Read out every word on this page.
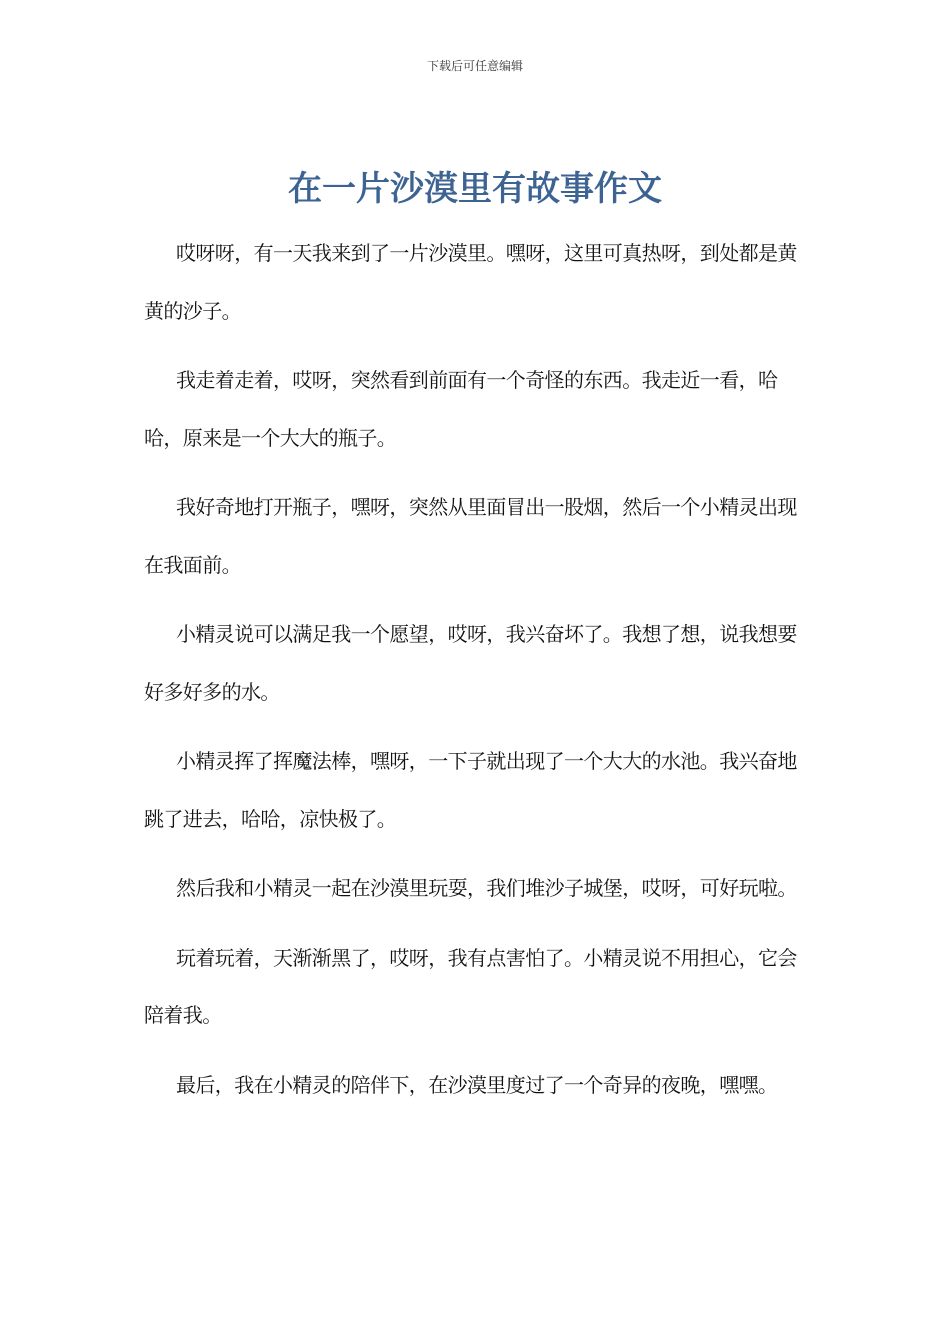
下载后可任意编辑
在一片沙漠里有故事作文

哎呀呀，有一天我来到了一片沙漠里。嘿呀，这里可真热呀，到处都是黄黄的沙子。

我走着走着，哎呀，突然看到前面有一个奇怪的东西。我走近一看，哈哈，原来是一个大大的瓶子。

我好奇地打开瓶子，嘿呀，突然从里面冒出一股烟，然后一个小精灵出现在我面前。

小精灵说可以满足我一个愿望，哎呀，我兴奋坏了。我想了想，说我想要好多好多的水。

小精灵挥了挥魔法棒，嘿呀，一下子就出现了一个大大的水池。我兴奋地跳了进去，哈哈，凉快极了。

然后我和小精灵一起在沙漠里玩耍，我们堆沙子城堡，哎呀，可好玩啦。

玩着玩着，天渐渐黑了，哎呀，我有点害怕了。小精灵说不用担心，它会陪着我。

最后，我在小精灵的陪伴下，在沙漠里度过了一个奇异的夜晚，嘿嘿。
